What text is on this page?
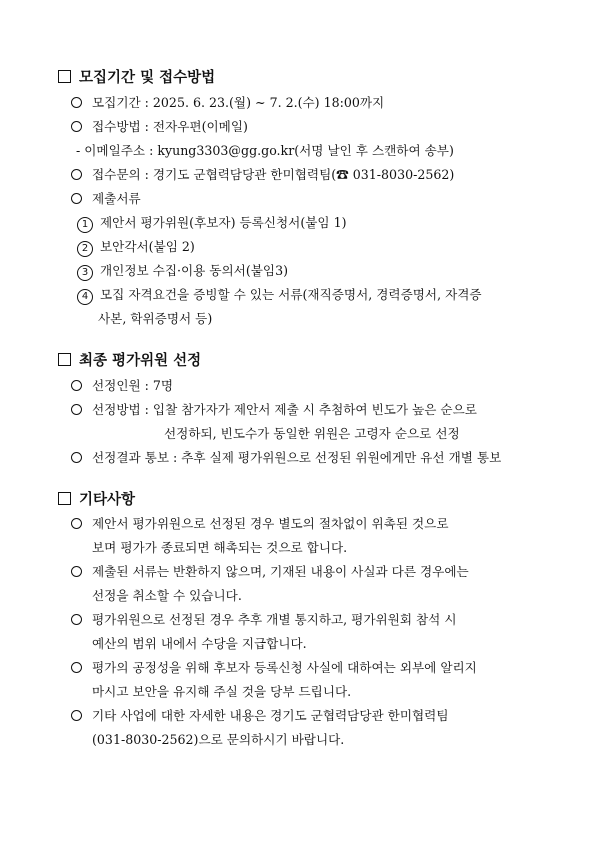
모집기간 및 접수방법
모집기간 : 2025. 6. 23.(월) ~ 7. 2.(수) 18:00까지
접수방법 : 전자우편(이메일)
- 이메일주소 : kyung3303@gg.go.kr(서명 날인 후 스캔하여 송부)
접수문의 : 경기도 군협력담당관 한미협력팀(☎ 031-8030-2562)
제출서류
1 제안서 평가위원(후보자) 등록신청서(붙임 1)
2 보안각서(붙임 2)
3 개인정보 수집·이용 동의서(붙임3)
4 모집 자격요건을 증빙할 수 있는 서류(재직증명서, 경력증명서, 자격증
사본, 학위증명서 등)
최종 평가위원 선정
선정인원 : 7명
선정방법 : 입찰 참가자가 제안서 제출 시 추첨하여 빈도가 높은 순으로
선정하되, 빈도수가 동일한 위원은 고령자 순으로 선정
선정결과 통보 : 추후 실제 평가위원으로 선정된 위원에게만 유선 개별 통보
기타사항
제안서 평가위원으로 선정된 경우 별도의 절차없이 위촉된 것으로
보며 평가가 종료되면 해촉되는 것으로 합니다.
제출된 서류는 반환하지 않으며, 기재된 내용이 사실과 다른 경우에는
선정을 취소할 수 있습니다.
평가위원으로 선정된 경우 추후 개별 통지하고, 평가위원회 참석 시
예산의 범위 내에서 수당을 지급합니다.
평가의 공정성을 위해 후보자 등록신청 사실에 대하여는 외부에 알리지
마시고 보안을 유지해 주실 것을 당부 드립니다.
기타 사업에 대한 자세한 내용은 경기도 군협력담당관 한미협력팀
(031-8030-2562)으로 문의하시기 바랍니다.
